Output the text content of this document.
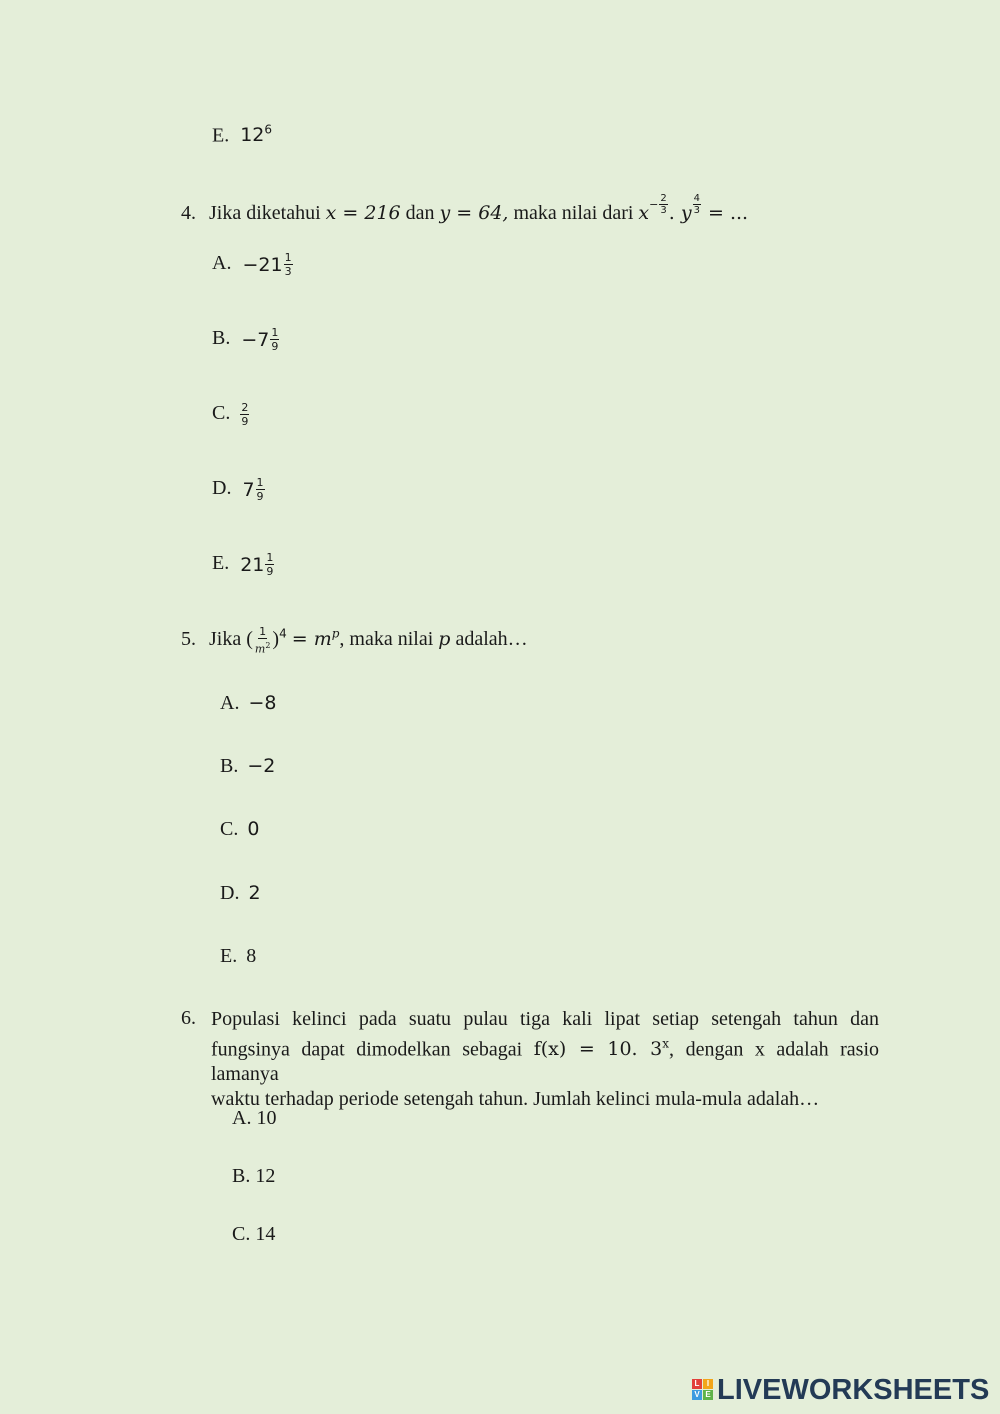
E. $12^6$
4. Jika diketahui x = 216 dan y = 64, maka nilai dari $x^{- \frac{2}{3}}$ . y $^{\frac{4}{3}}$ = ...
A. $-21 \frac{1}{3}$
B. $-7 \frac{1}{9}$
C. $\frac{2}{9}$
D. $7 \frac{1}{9}$
E. $21 \frac{1}{9}$
5. Jika ( $\frac{1}{m^2} )^4 = m^p$, maka nilai p adalah…
A. −8
B. −2
C. 0
D. 2
E. 8
6. Populasi kelinci pada suatu pulau tiga kali lipat setiap setengah tahun dan
fungsinya dapat dimodelkan sebagai f(x) = 10. 3$^x$, dengan x adalah rasio lamanya
waktu terhadap periode setengah tahun. Jumlah kelinci mula-mula adalah…
A. 10
B. 12
C. 14
L I
V E LIVEWORKSHEETS
